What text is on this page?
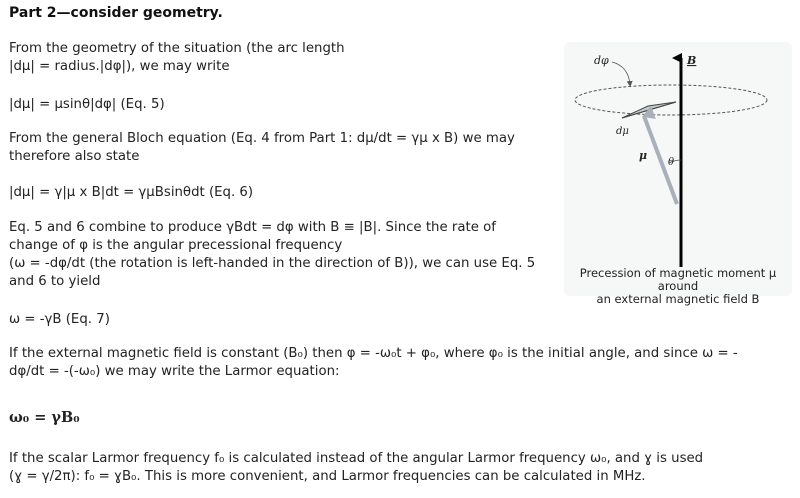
Part 2—consider geometry.
From the geometry of the situation (the arc length
|dμ| = radius.|dφ|), we may write
|dμ| = μsinθ|dφ| (Eq. 5)
From the general Bloch equation (Eq. 4 from Part 1: dμ/dt = γμ x B) we may
therefore also state
|dμ| = γ|μ x B|dt = γμBsinθdt (Eq. 6)
Eq. 5 and 6 combine to produce γBdt = dφ with B ≡ |B|. Since the rate of
change of φ is the angular precessional frequency
(ω = -dφ/dt (the rotation is left-handed in the direction of B)), we can use Eq. 5
and 6 to yield
ω = -γB (Eq. 7)
If the external magnetic field is constant (B₀) then φ = -ω₀t + φ₀, where φ₀ is the initial angle, and since ω = -
dφ/dt = -(-ω₀) we may write the Larmor equation:
ω₀ = γB₀
If the scalar Larmor frequency f₀ is calculated instead of the angular Larmor frequency ω₀, and ɣ is used
(ɣ = γ/2π): f₀ = ɣB₀. This is more convenient, and Larmor frequencies can be calculated in MHz.
dφ	B
dμ
μ
θ
Precession of magnetic moment μ around
an external magnetic field B
